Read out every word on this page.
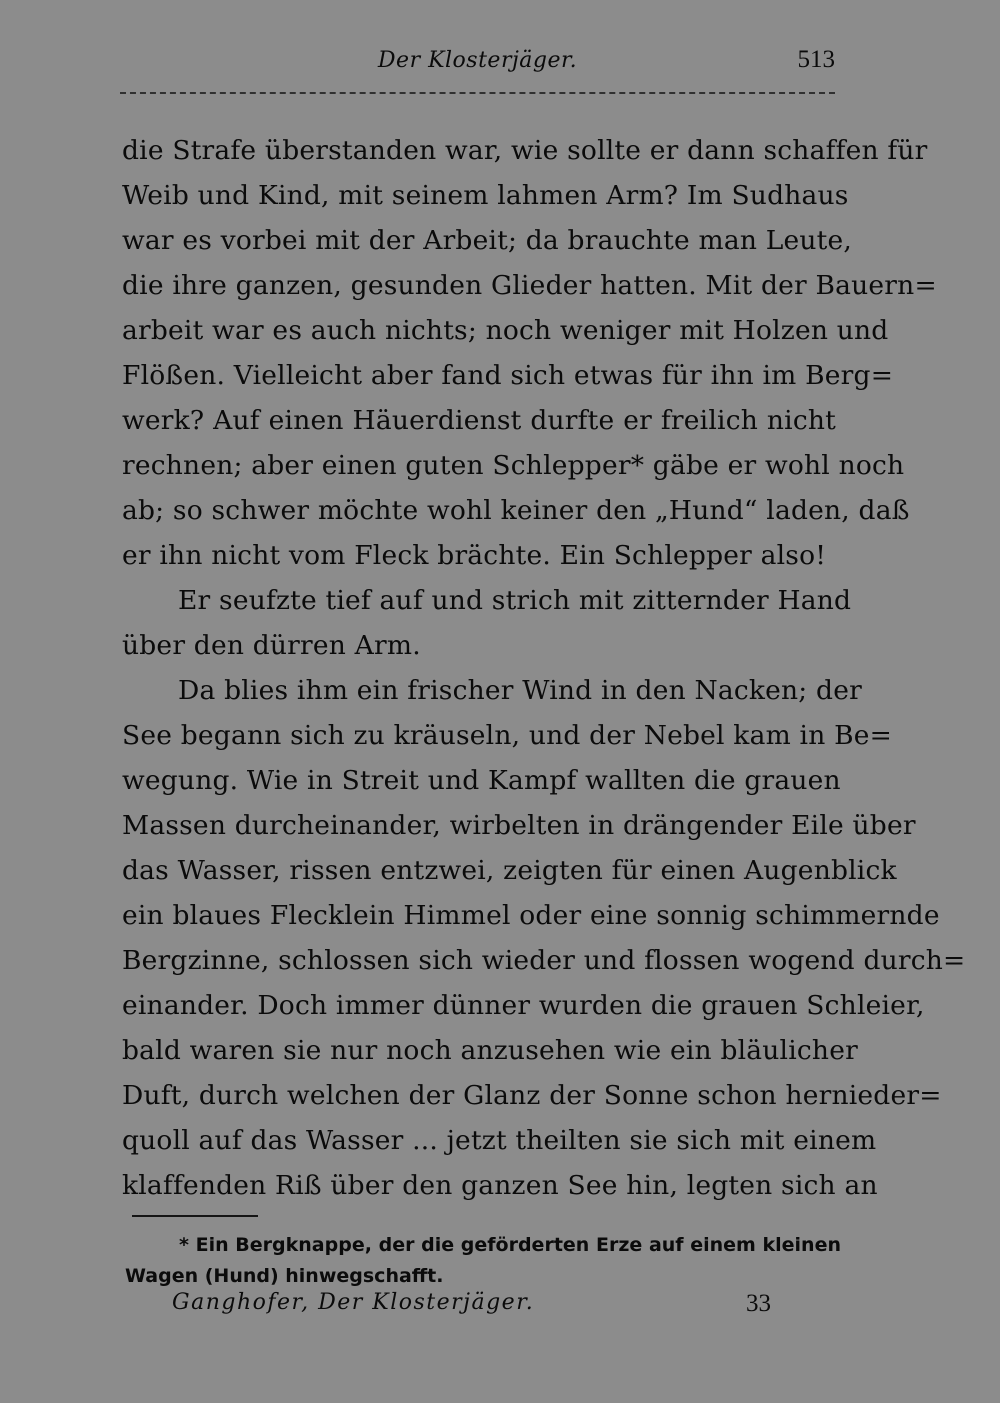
Der Klosterjäger.	513
die Strafe überstanden war, wie sollte er dann schaffen für
Weib und Kind, mit seinem lahmen Arm? Im Sudhaus
war es vorbei mit der Arbeit; da brauchte man Leute,
die ihre ganzen, gesunden Glieder hatten. Mit der Bauern=
arbeit war es auch nichts; noch weniger mit Holzen und
Flößen. Vielleicht aber fand sich etwas für ihn im Berg=
werk? Auf einen Häuerdienst durfte er freilich nicht
rechnen; aber einen guten Schlepper* gäbe er wohl noch
ab; so schwer möchte wohl keiner den „Hund“ laden, daß
er ihn nicht vom Fleck brächte. Ein Schlepper also!
Er seufzte tief auf und strich mit zitternder Hand
über den dürren Arm.
Da blies ihm ein frischer Wind in den Nacken; der
See begann sich zu kräuseln, und der Nebel kam in Be=
wegung. Wie in Streit und Kampf wallten die grauen
Massen durcheinander, wirbelten in drängender Eile über
das Wasser, rissen entzwei, zeigten für einen Augenblick
ein blaues Flecklein Himmel oder eine sonnig schimmernde
Bergzinne, schlossen sich wieder und flossen wogend durch=
einander. Doch immer dünner wurden die grauen Schleier,
bald waren sie nur noch anzusehen wie ein bläulicher
Duft, durch welchen der Glanz der Sonne schon hernieder=
quoll auf das Wasser ... jetzt theilten sie sich mit einem
klaffenden Riß über den ganzen See hin, legten sich an
* Ein Bergknappe, der die geförderten Erze auf einem kleinen
Wagen (Hund) hinwegschafft.
Ganghofer, Der Klosterjäger.	33
